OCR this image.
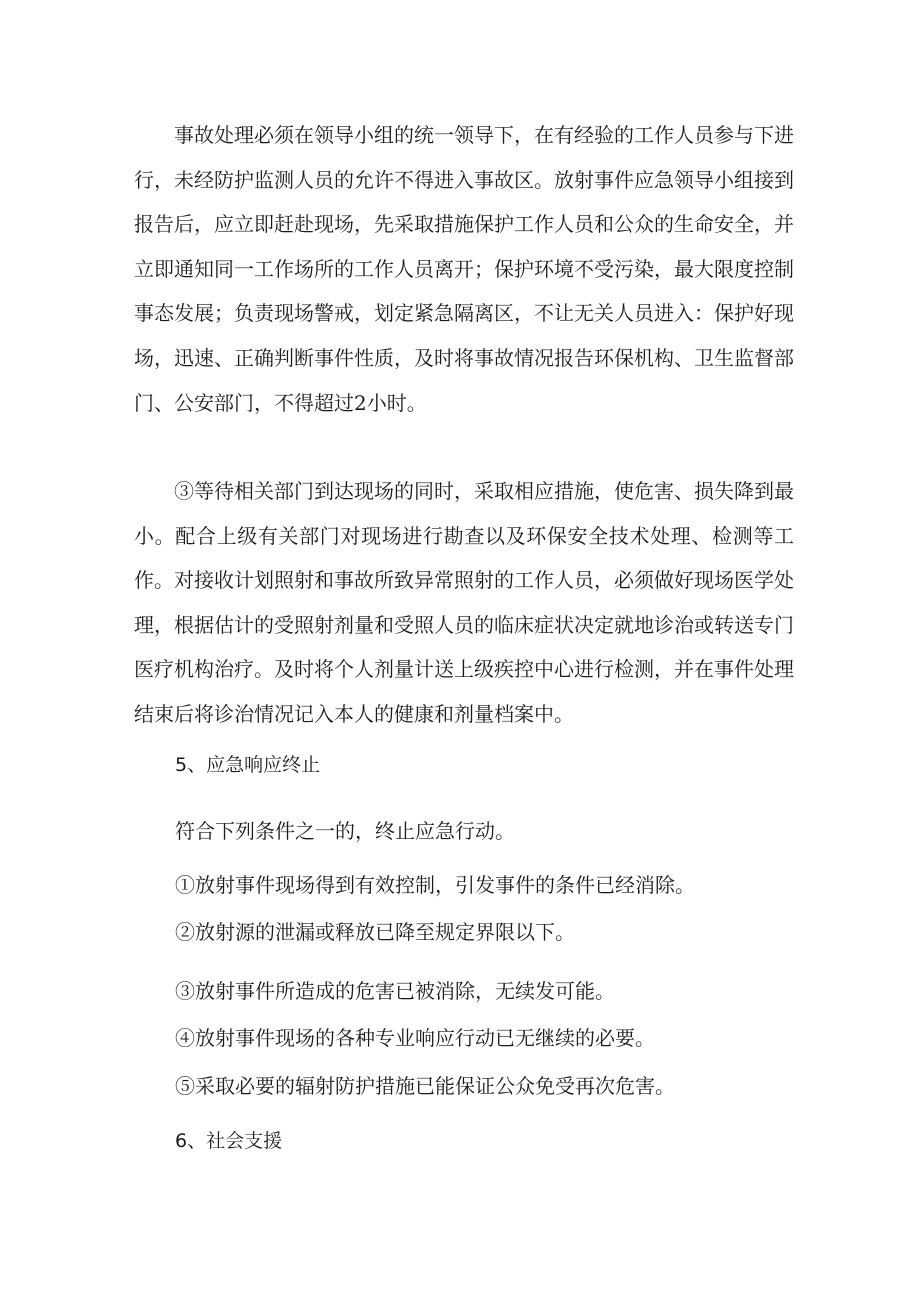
事故处理必须在领导小组的统一领导下，在有经验的工作人员参与下进行，未经防护监测人员的允许不得进入事故区。放射事件应急领导小组接到报告后，应立即赶赴现场，先采取措施保护工作人员和公众的生命安全，并立即通知同一工作场所的工作人员离开；保护环境不受污染，最大限度控制事态发展；负责现场警戒，划定紧急隔离区，不让无关人员进入：保护好现场，迅速、正确判断事件性质，及时将事故情况报告环保机构、卫生监督部门、公安部门，不得超过2小时。

③等待相关部门到达现场的同时，采取相应措施，使危害、损失降到最小。配合上级有关部门对现场进行勘查以及环保安全技术处理、检测等工作。对接收计划照射和事故所致异常照射的工作人员，必须做好现场医学处理，根据估计的受照射剂量和受照人员的临床症状决定就地诊治或转送专门医疗机构治疗。及时将个人剂量计送上级疾控中心进行检测，并在事件处理结束后将诊治情况记入本人的健康和剂量档案中。

5、应急响应终止

符合下列条件之一的，终止应急行动。

①放射事件现场得到有效控制，引发事件的条件已经消除。

②放射源的泄漏或释放已降至规定界限以下。

③放射事件所造成的危害已被消除，无续发可能。

④放射事件现场的各种专业响应行动已无继续的必要。

⑤采取必要的辐射防护措施已能保证公众免受再次危害。

6、社会支援
